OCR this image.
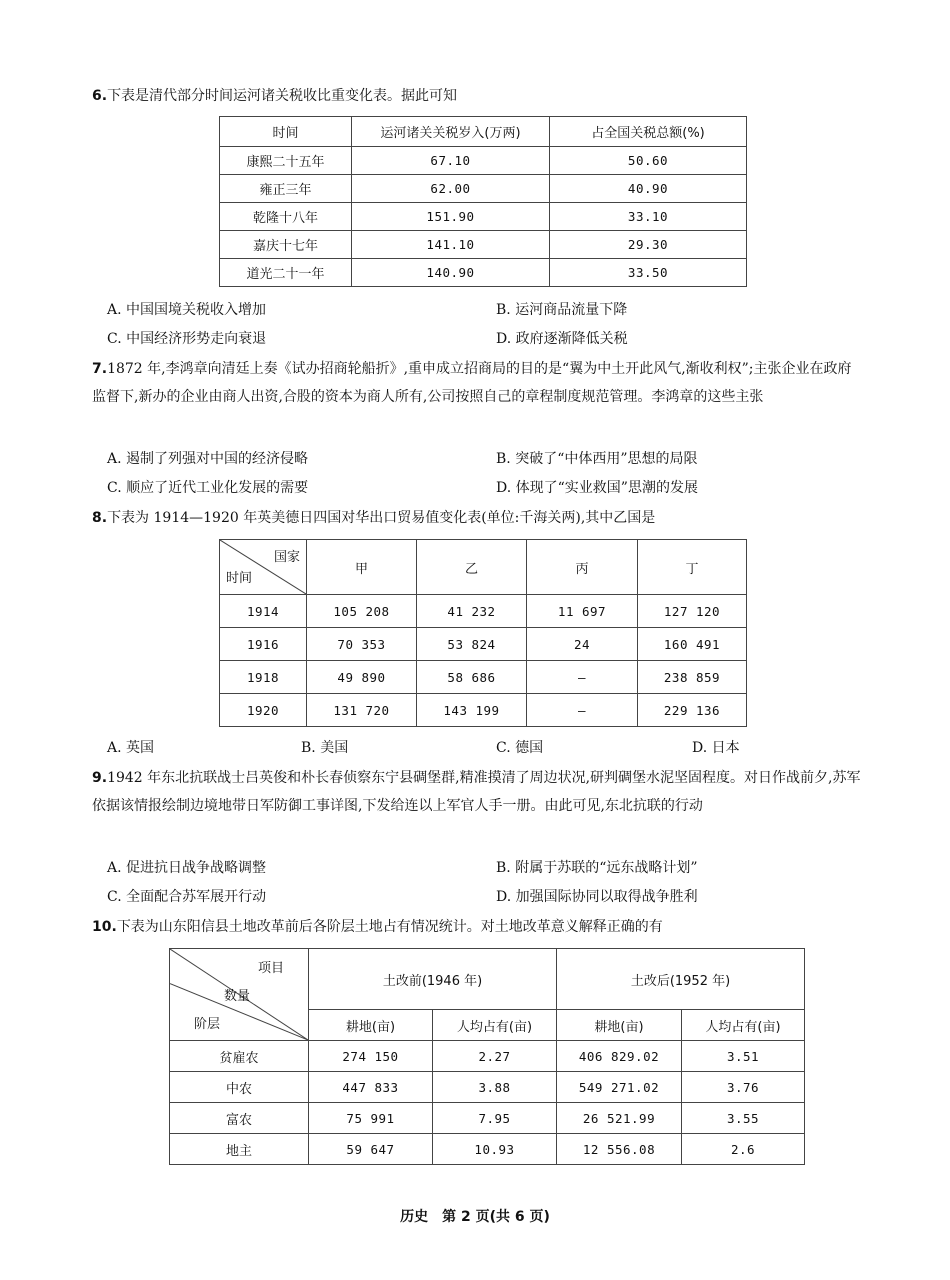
6.下表是清代部分时间运河诸关税收比重变化表。据此可知
时间	运河诸关关税岁入(万两)	占全国关税总额(%)
康熙二十五年	67.10	50.60
雍正三年	62.00	40.90
乾隆十八年	151.90	33.10
嘉庆十七年	141.10	29.30
道光二十一年	140.90	33.50
A. 中国国境关税收入增加	B. 运河商品流量下降
C. 中国经济形势走向衰退	D. 政府逐渐降低关税
7.1872 年,李鸿章向清廷上奏《试办招商轮船折》,重申成立招商局的目的是“翼为中土开此风气,渐收利权”;主张企业在政府监督下,新办的企业由商人出资,合股的资本为商人所有,公司按照自己的章程制度规范管理。李鸿章的这些主张
A. 遏制了列强对中国的经济侵略	B. 突破了“中体西用”思想的局限
C. 顺应了近代工业化发展的需要	D. 体现了“实业救国”思潮的发展
8.下表为 1914—1920 年英美德日四国对华出口贸易值变化表(单位:千海关两),其中乙国是
国家
时间	甲	乙	丙	丁
1914	105 208	41 232	11 697	127 120
1916	70 353	53 824	24	160 491
1918	49 890	58 686	—	238 859
1920	131 720	143 199	—	229 136
A. 英国	B. 美国	C. 德国	D. 日本
9.1942 年东北抗联战士吕英俊和朴长春侦察东宁县碉堡群,精准摸清了周边状况,研判碉堡水泥坚固程度。对日作战前夕,苏军依据该情报绘制边境地带日军防御工事详图,下发给连以上军官人手一册。由此可见,东北抗联的行动
A. 促进抗日战争战略调整	B. 附属于苏联的“远东战略计划”
C. 全面配合苏军展开行动	D. 加强国际协同以取得战争胜利
10.下表为山东阳信县土地改革前后各阶层土地占有情况统计。对土地改革意义解释正确的有
项目
数量
阶层	土改前(1946 年)		土改后(1952 年)	
	耕地(亩)	人均占有(亩)	耕地(亩)	人均占有(亩)
贫雇农	274 150	2.27	406 829.02	3.51
中农	447 833	3.88	549 271.02	3.76
富农	75 991	7.95	26 521.99	3.55
地主	59 647	10.93	12 556.08	2.6
历史　第 2 页(共 6 页)
